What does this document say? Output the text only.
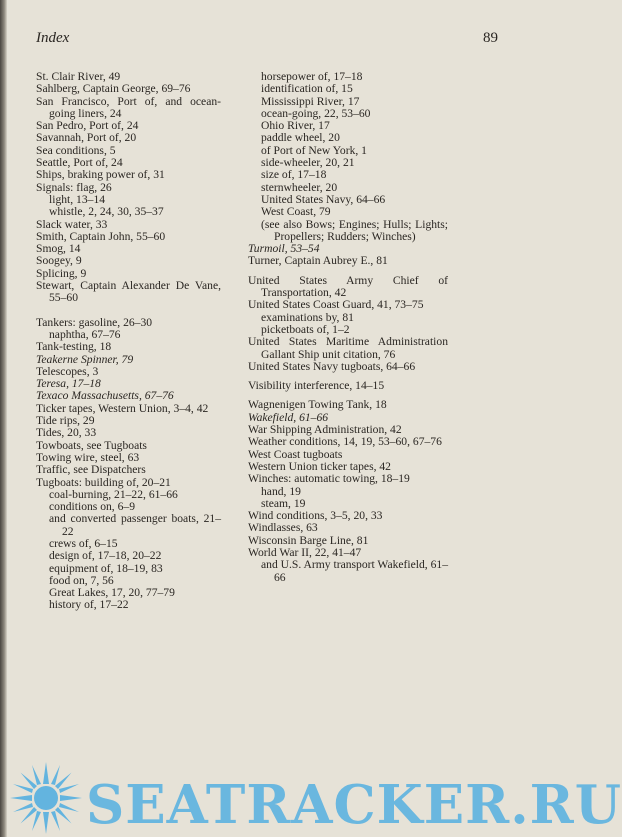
Index	89
St. Clair River, 49
Sahlberg, Captain George, 69–76
San Francisco, Port of, and ocean-going liners, 24
San Pedro, Port of, 24
Savannah, Port of, 20
Sea conditions, 5
Seattle, Port of, 24
Ships, braking power of, 31
Signals: flag, 26
light, 13–14
whistle, 2, 24, 30, 35–37
Slack water, 33
Smith, Captain John, 55–60
Smog, 14
Soogey, 9
Splicing, 9
Stewart, Captain Alexander De Vane, 55–60
Tankers: gasoline, 26–30
naphtha, 67–76
Tank-testing, 18
Teakerne Spinner, 79
Telescopes, 3
Teresa, 17–18
Texaco Massachusetts, 67–76
Ticker tapes, Western Union, 3–4, 42
Tide rips, 29
Tides, 20, 33
Towboats, see Tugboats
Towing wire, steel, 63
Traffic, see Dispatchers
Tugboats: building of, 20–21
coal-burning, 21–22, 61–66
conditions on, 6–9
and converted passenger boats, 21–22
crews of, 6–15
design of, 17–18, 20–22
equipment of, 18–19, 83
food on, 7, 56
Great Lakes, 17, 20, 77–79
history of, 17–22
horsepower of, 17–18
identification of, 15
Mississippi River, 17
ocean-going, 22, 53–60
Ohio River, 17
paddle wheel, 20
of Port of New York, 1
side-wheeler, 20, 21
size of, 17–18
sternwheeler, 20
United States Navy, 64–66
West Coast, 79
(see also Bows; Engines; Hulls; Lights; Propellers; Rudders; Winches)
Turmoil, 53–54
Turner, Captain Aubrey E., 81
United States Army Chief of Transportation, 42
United States Coast Guard, 41, 73–75
examinations by, 81
picketboats of, 1–2
United States Maritime Administration Gallant Ship unit citation, 76
United States Navy tugboats, 64–66
Visibility interference, 14–15
Wagnenigen Towing Tank, 18
Wakefield, 61–66
War Shipping Administration, 42
Weather conditions, 14, 19, 53–60, 67–76
West Coast tugboats
Western Union ticker tapes, 42
Winches: automatic towing, 18–19
hand, 19
steam, 19
Wind conditions, 3–5, 20, 33
Windlasses, 63
Wisconsin Barge Line, 81
World War II, 22, 41–47
and U.S. Army transport Wakefield, 61–66
SEATRACKER.RU
